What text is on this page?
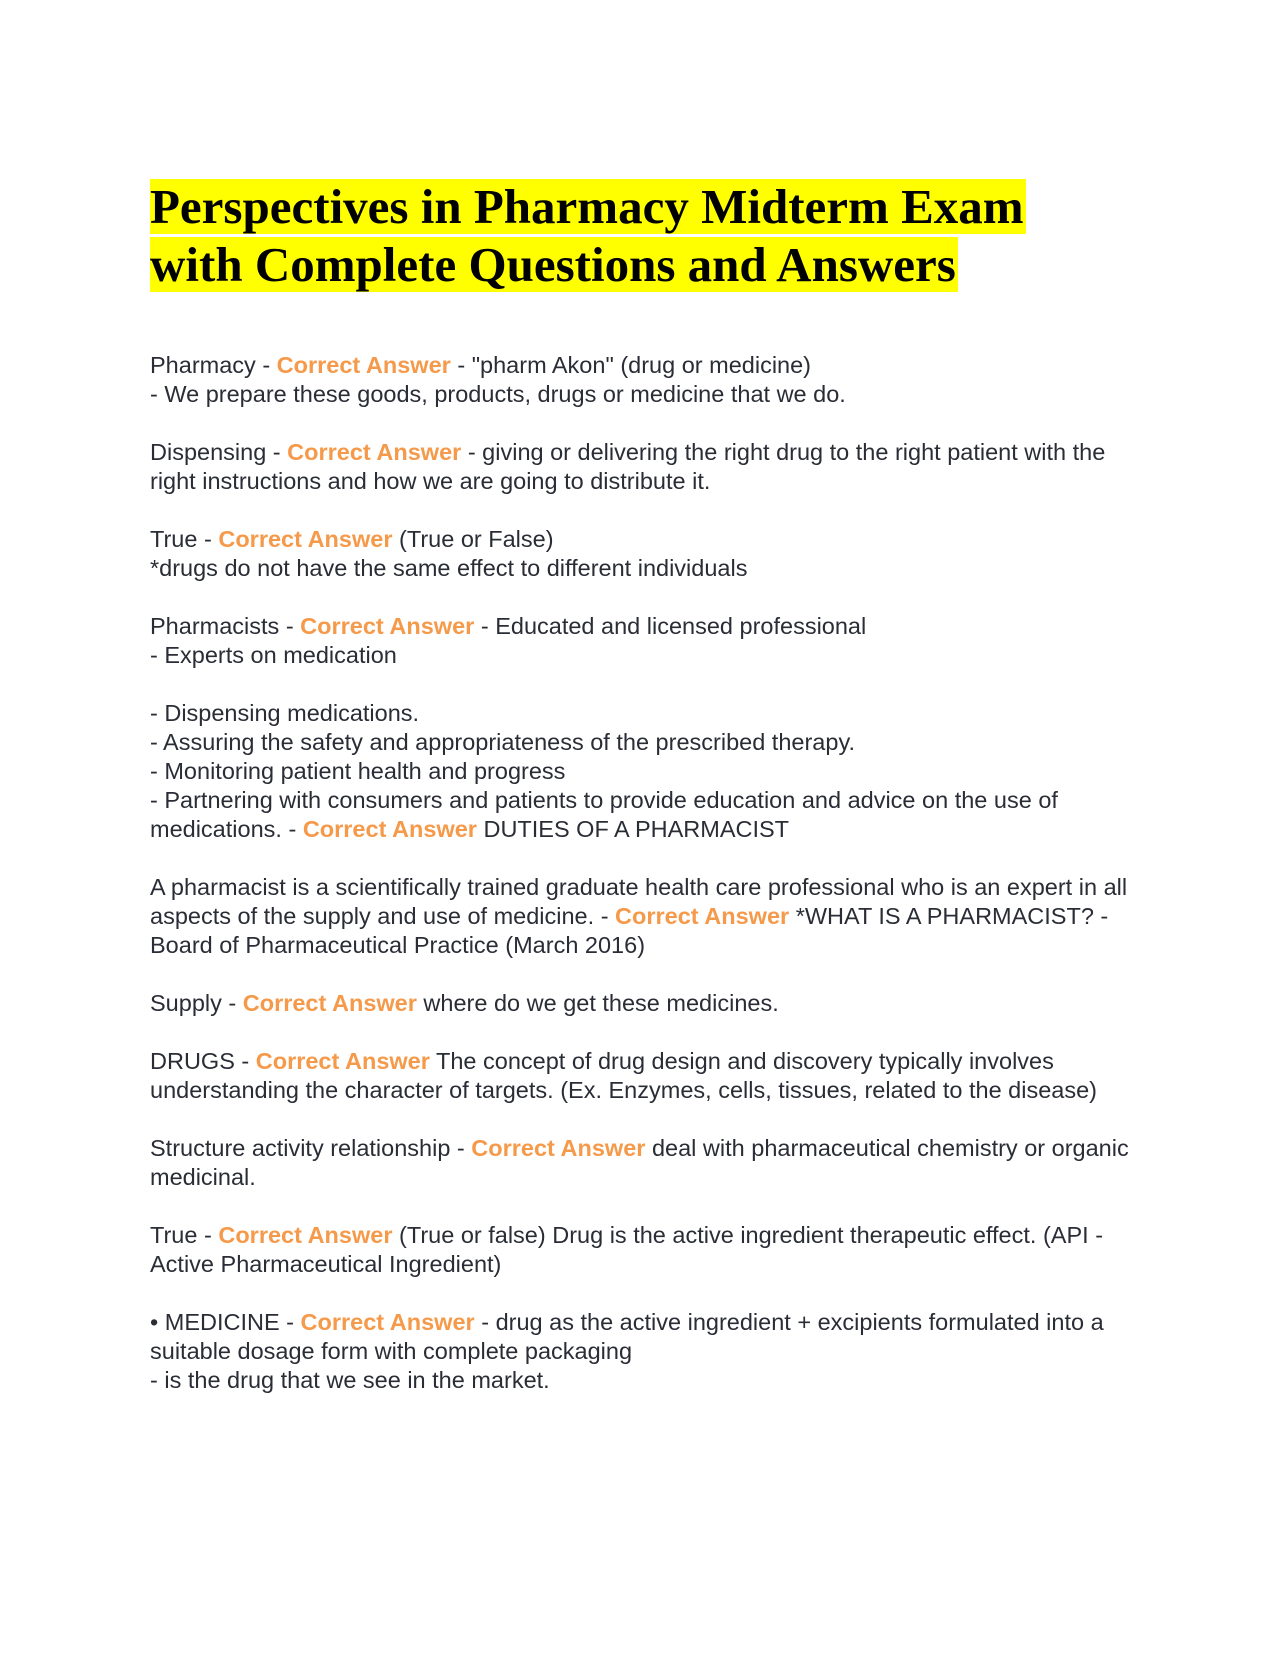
Perspectives in Pharmacy Midterm Exam
with Complete Questions and Answers

Pharmacy - Correct Answer - "pharm Akon" (drug or medicine)
- We prepare these goods, products, drugs or medicine that we do.

Dispensing - Correct Answer - giving or delivering the right drug to the right patient with the right instructions and how we are going to distribute it.

True - Correct Answer (True or False)
*drugs do not have the same effect to different individuals

Pharmacists - Correct Answer - Educated and licensed professional
- Experts on medication

- Dispensing medications.
- Assuring the safety and appropriateness of the prescribed therapy.
- Monitoring patient health and progress
- Partnering with consumers and patients to provide education and advice on the use of medications. - Correct Answer DUTIES OF A PHARMACIST

A pharmacist is a scientifically trained graduate health care professional who is an expert in all aspects of the supply and use of medicine. - Correct Answer *WHAT IS A PHARMACIST? - Board of Pharmaceutical Practice (March 2016)

Supply - Correct Answer where do we get these medicines.

DRUGS - Correct Answer The concept of drug design and discovery typically involves understanding the character of targets. (Ex. Enzymes, cells, tissues, related to the disease)

Structure activity relationship - Correct Answer deal with pharmaceutical chemistry or organic medicinal.

True - Correct Answer (True or false) Drug is the active ingredient therapeutic effect. (API - Active Pharmaceutical Ingredient)

• MEDICINE - Correct Answer - drug as the active ingredient + excipients formulated into a suitable dosage form with complete packaging
- is the drug that we see in the market.
